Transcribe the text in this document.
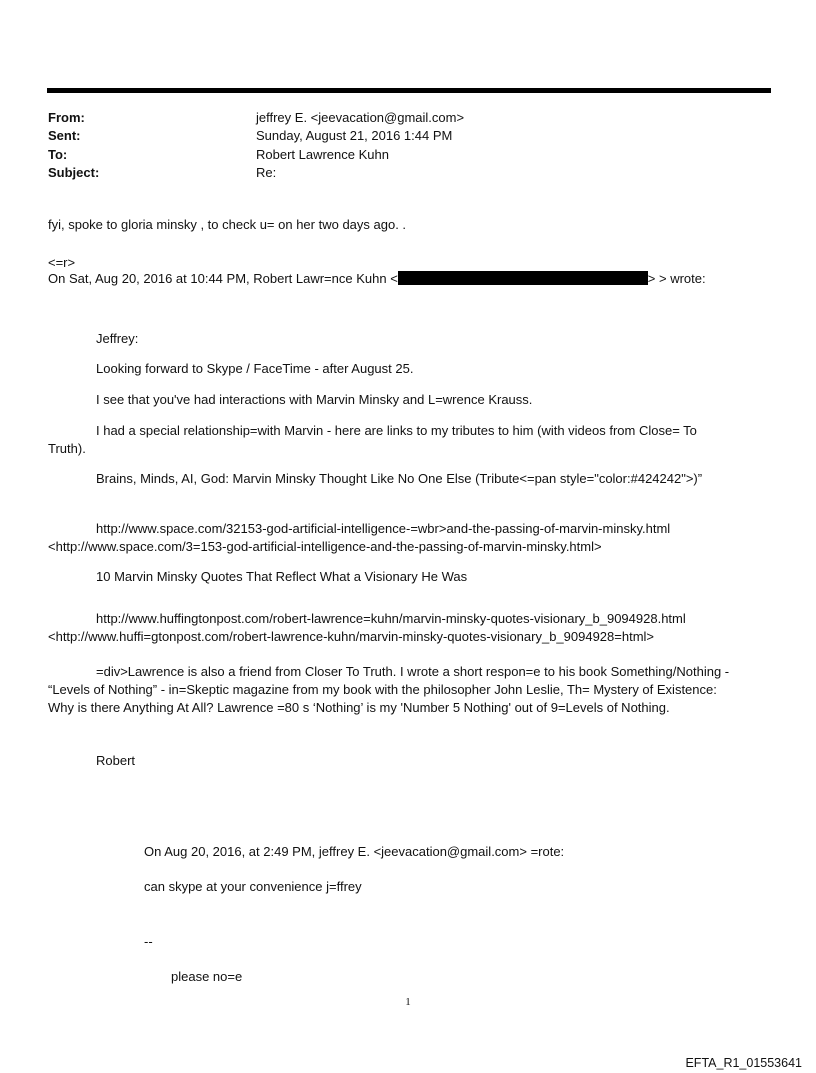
From:	jeffrey E. <jeevacation@gmail.com>
Sent:	Sunday, August 21, 2016 1:44 PM
To:	Robert Lawrence Kuhn
Subject:	Re:
fyi, spoke to gloria minsky , to check u= on her two days ago. .
<=r>
On Sat, Aug 20, 2016 at 10:44 PM, Robert Lawr=nce Kuhn <	> > wrote:
Jeffrey:
Looking forward to Skype / FaceTime - after August 25.
I see that you've had interactions with Marvin Minsky and L=wrence Krauss.
I had a special relationship=with Marvin - here are links to my tributes to him (with videos from Close= To
Truth).
Brains, Minds, AI, God: Marvin Minsky Thought Like No One Else (Tribute<=pan style="color:#424242">)”
http://www.space.com/32153-god-artificial-intelligence-=wbr>and-the-passing-of-marvin-minsky.html
<http://www.space.com/3=153-god-artificial-intelligence-and-the-passing-of-marvin-minsky.html>
10 Marvin Minsky Quotes That Reflect What a Visionary He Was
http://www.huffingtonpost.com/robert-lawrence=kuhn/marvin-minsky-quotes-visionary_b_9094928.html
<http://www.huffi=gtonpost.com/robert-lawrence-kuhn/marvin-minsky-quotes-visionary_b_9094928=html>
=div>Lawrence is also a friend from Closer To Truth. I wrote a short respon=e to his book Something/Nothing -
“Levels of Nothing” - in=Skeptic magazine from my book with the philosopher John Leslie, Th= Mystery of Existence:
Why is there Anything At All? Lawrence =80 s ‘Nothing’ is my 'Number 5 Nothing' out of 9=Levels of Nothing.
Robert
On Aug 20, 2016, at 2:49 PM, jeffrey E. <jeevacation@gmail.com> =rote:
can skype at your convenience j=ffrey
--
please no=e
1
EFTA_R1_01553641
